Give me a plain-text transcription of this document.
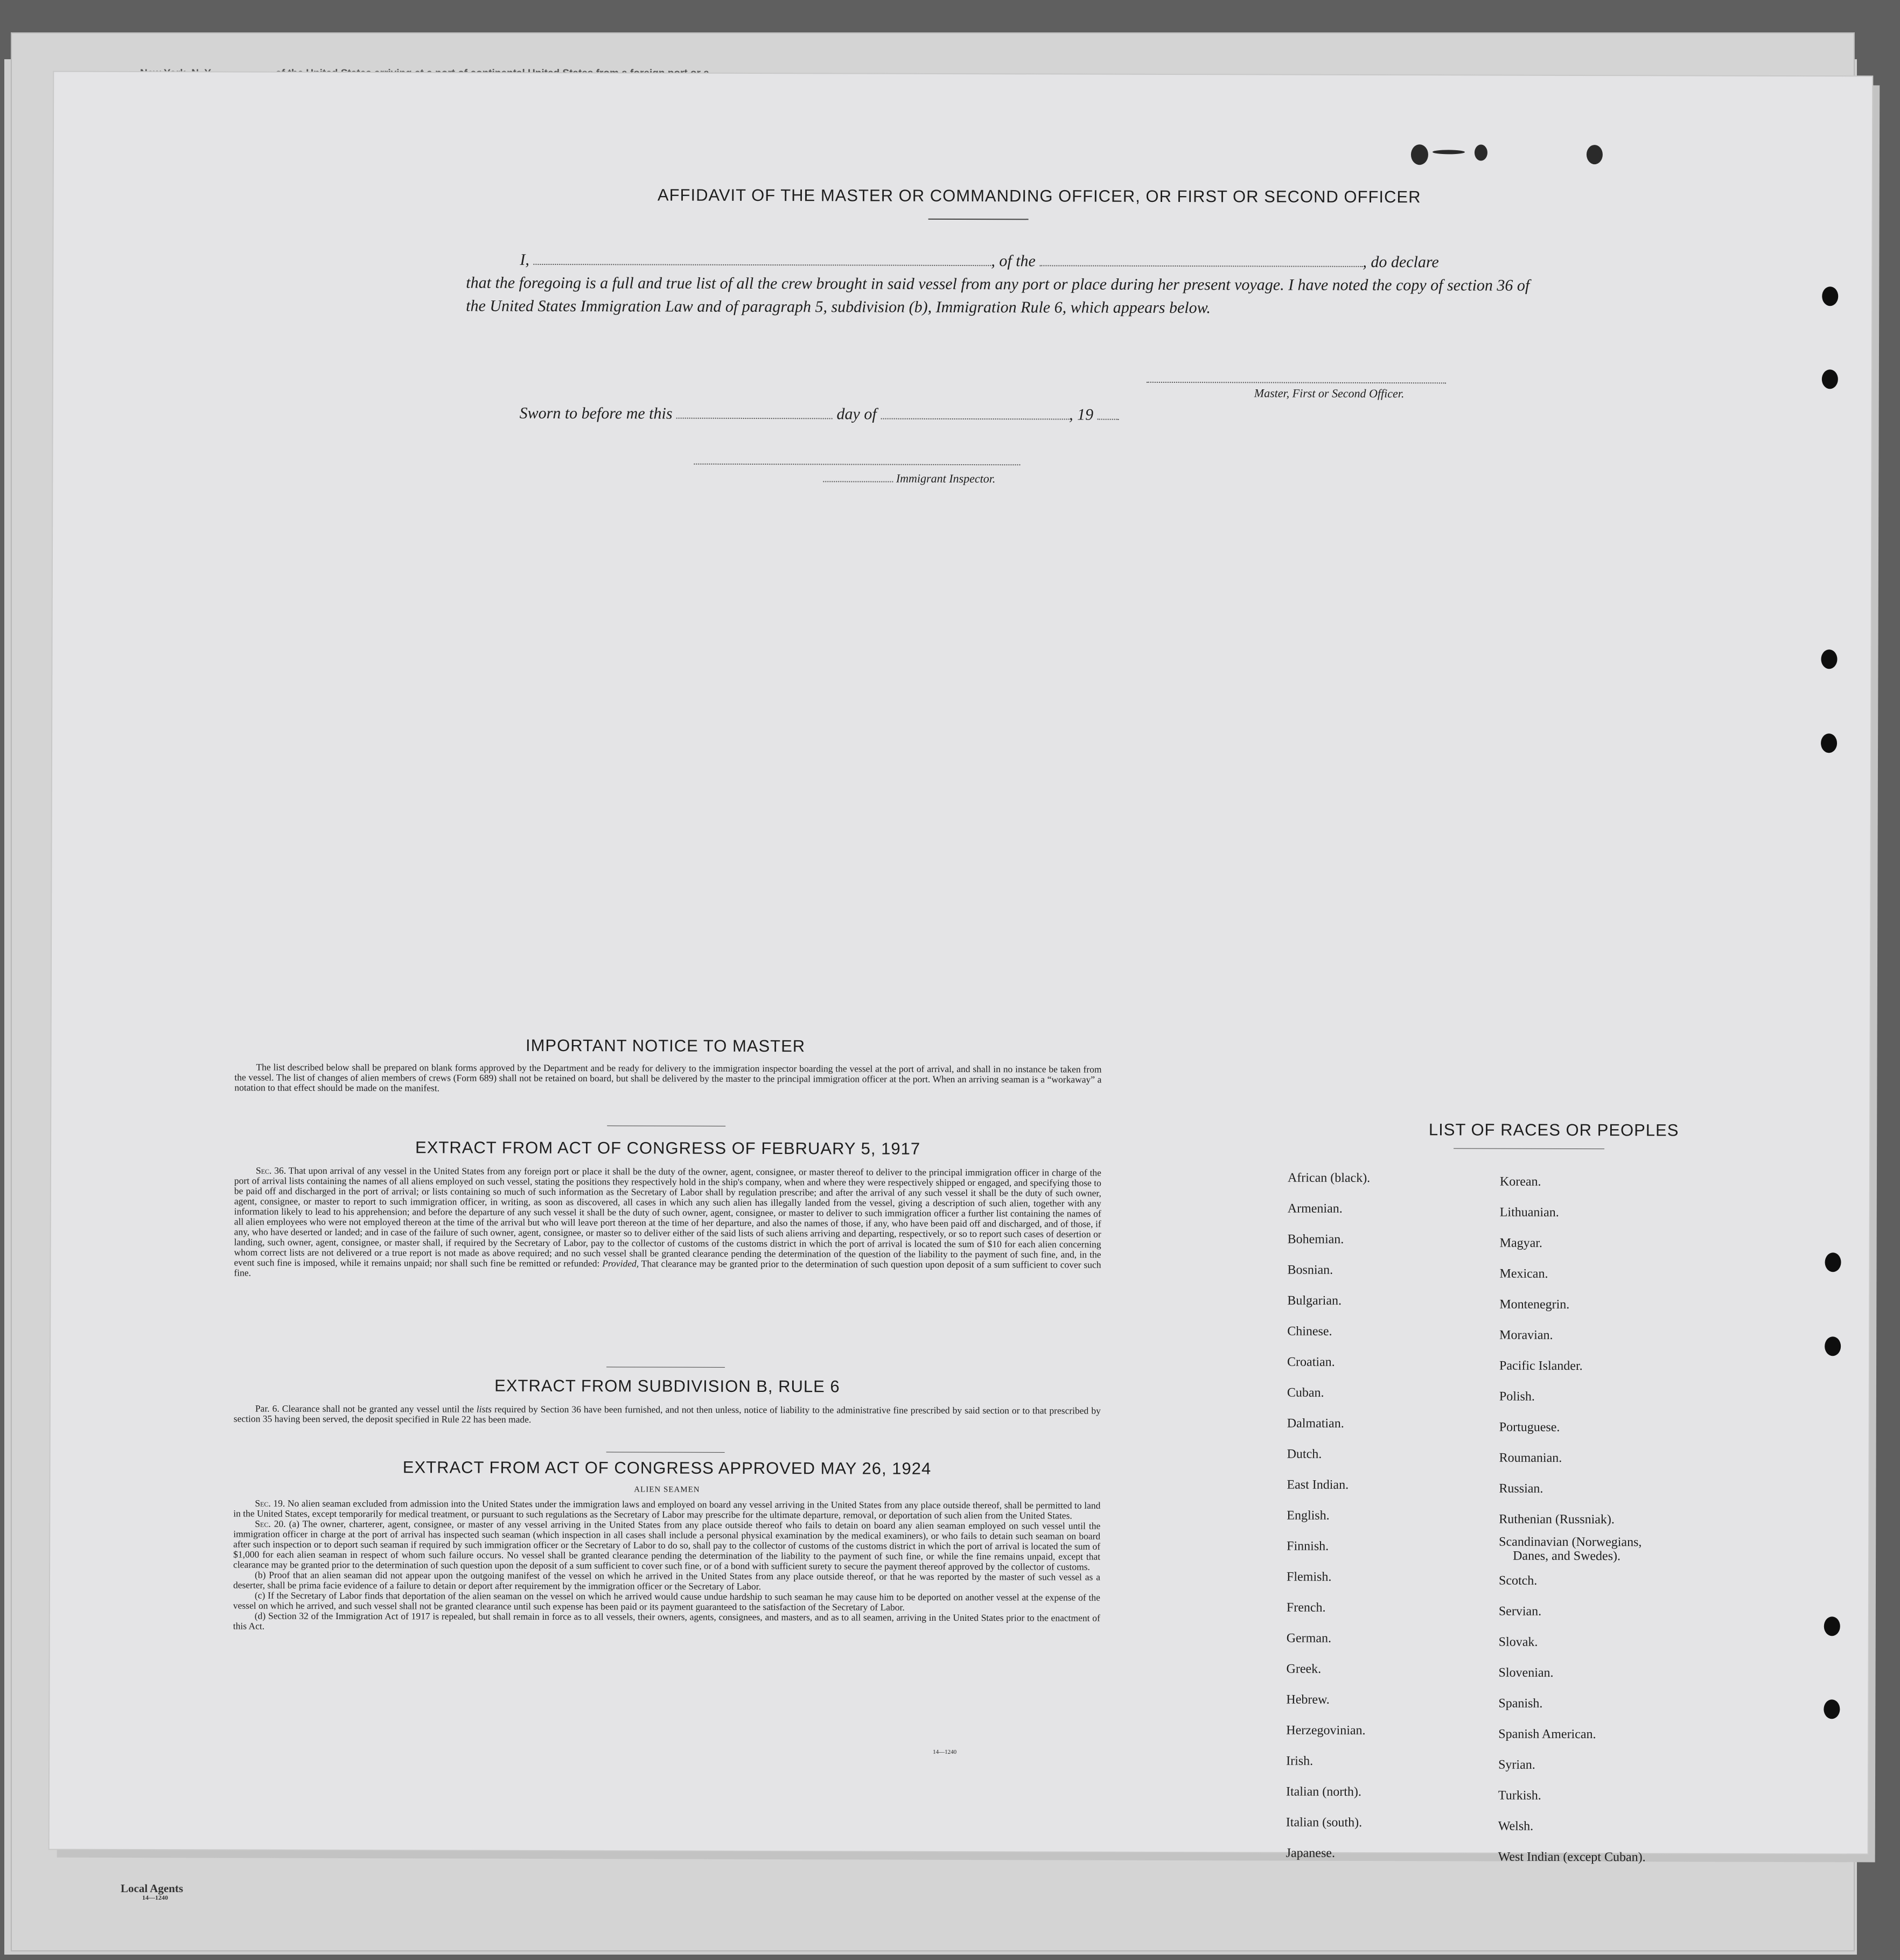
Local Agents
14—1240
AFFIDAVIT OF THE MASTER OR COMMANDING OFFICER, OR FIRST OR SECOND OFFICER
I,	, of the	, do declare
that the foregoing is a full and true list of all the crew brought in said vessel from any port or place during her present voyage. I have noted the copy of section 36 of the United States Immigration Law and of paragraph 5, subdivision (b), Immigration Rule 6, which appears below.
Master, First or Second Officer.
Sworn to before me this	day of	, 19
Immigrant Inspector.
IMPORTANT NOTICE TO MASTER

The list described below shall be prepared on blank forms approved by the Department and be ready for delivery to the immigration inspector boarding the vessel at the port of arrival, and shall in no instance be taken from the vessel. The list of changes of alien members of crews (Form 689) shall not be retained on board, but shall be delivered by the master to the principal immigration officer at the port. When an arriving seaman is a “workaway” a notation to that effect should be made on the manifest.

EXTRACT FROM ACT OF CONGRESS OF FEBRUARY 5, 1917

Sec. 36. That upon arrival of any vessel in the United States from any foreign port or place it shall be the duty of the owner, agent, consignee, or master thereof to deliver to the principal immigration officer in charge of the port of arrival lists containing the names of all aliens employed on such vessel, stating the positions they respectively hold in the ship's company, when and where they were respectively shipped or engaged, and specifying those to be paid off and discharged in the port of arrival; or lists containing so much of such information as the Secretary of Labor shall by regulation prescribe; and after the arrival of any such vessel it shall be the duty of such owner, agent, consignee, or master to report to such immigration officer, in writing, as soon as discovered, all cases in which any such alien has illegally landed from the vessel, giving a description of such alien, together with any information likely to lead to his apprehension; and before the departure of any such vessel it shall be the duty of such owner, agent, consignee, or master to deliver to such immigration officer a further list containing the names of all alien employees who were not employed thereon at the time of the arrival but who will leave port thereon at the time of her departure, and also the names of those, if any, who have been paid off and discharged, and of those, if any, who have deserted or landed; and in case of the failure of such owner, agent, consignee, or master so to deliver either of the said lists of such aliens arriving and departing, respectively, or so to report such cases of desertion or landing, such owner, agent, consignee, or master shall, if required by the Secretary of Labor, pay to the collector of customs of the customs district in which the port of arrival is located the sum of $10 for each alien concerning whom correct lists are not delivered or a true report is not made as above required; and no such vessel shall be granted clearance pending the determination of the question of the liability to the payment of such fine, and, in the event such fine is imposed, while it remains unpaid; nor shall such fine be remitted or refunded: Provided, That clearance may be granted prior to the determination of such question upon deposit of a sum sufficient to cover such fine.

EXTRACT FROM SUBDIVISION B, RULE 6

Par. 6. Clearance shall not be granted any vessel until the lists required by Section 36 have been furnished, and not then unless, notice of liability to the administrative fine prescribed by said section or to that prescribed by section 35 having been served, the deposit specified in Rule 22 has been made.

EXTRACT FROM ACT OF CONGRESS APPROVED MAY 26, 1924
ALIEN SEAMEN

Sec. 19. No alien seaman excluded from admission into the United States under the immigration laws and employed on board any vessel arriving in the United States from any place outside thereof, shall be permitted to land in the United States, except temporarily for medical treatment, or pursuant to such regulations as the Secretary of Labor may prescribe for the ultimate departure, removal, or deportation of such alien from the United States.

Sec. 20. (a) The owner, charterer, agent, consignee, or master of any vessel arriving in the United States from any place outside thereof who fails to detain on board any alien seaman employed on such vessel until the immigration officer in charge at the port of arrival has inspected such seaman (which inspection in all cases shall include a personal physical examination by the medical examiners), or who fails to detain such seaman on board after such inspection or to deport such seaman if required by such immigration officer or the Secretary of Labor to do so, shall pay to the collector of customs of the customs district in which the port of arrival is located the sum of $1,000 for each alien seaman in respect of whom such failure occurs. No vessel shall be granted clearance pending the determination of the liability to the payment of such fine, or while the fine remains unpaid, except that clearance may be granted prior to the determination of such question upon the deposit of a sum sufficient to cover such fine, or of a bond with sufficient surety to secure the payment thereof approved by the collector of customs.

(b) Proof that an alien seaman did not appear upon the outgoing manifest of the vessel on which he arrived in the United States from any place outside thereof, or that he was reported by the master of such vessel as a deserter, shall be prima facie evidence of a failure to detain or deport after requirement by the immigration officer or the Secretary of Labor.

(c) If the Secretary of Labor finds that deportation of the alien seaman on the vessel on which he arrived would cause undue hardship to such seaman he may cause him to be deported on another vessel at the expense of the vessel on which he arrived, and such vessel shall not be granted clearance until such expense has been paid or its payment guaranteed to the satisfaction of the Secretary of Labor.

(d) Section 32 of the Immigration Act of 1917 is repealed, but shall remain in force as to all vessels, their owners, agents, consignees, and masters, and as to all seamen, arriving in the United States prior to the enactment of this Act.

14—1240
LIST OF RACES OR PEOPLES
African (black).
Armenian.
Bohemian.
Bosnian.
Bulgarian.
Chinese.
Croatian.
Cuban.
Dalmatian.
Dutch.
East Indian.
English.
Finnish.
Flemish.
French.
German.
Greek.
Hebrew.
Herzegovinian.
Irish.
Italian (north).
Italian (south).
Japanese.
Korean.
Lithuanian.
Magyar.
Mexican.
Montenegrin.
Moravian.
Pacific Islander.
Polish.
Portuguese.
Roumanian.
Russian.
Ruthenian (Russniak).
Scandinavian (Norwegians,
Danes, and Swedes).
Scotch.
Servian.
Slovak.
Slovenian.
Spanish.
Spanish American.
Syrian.
Turkish.
Welsh.
West Indian (except Cuban).
